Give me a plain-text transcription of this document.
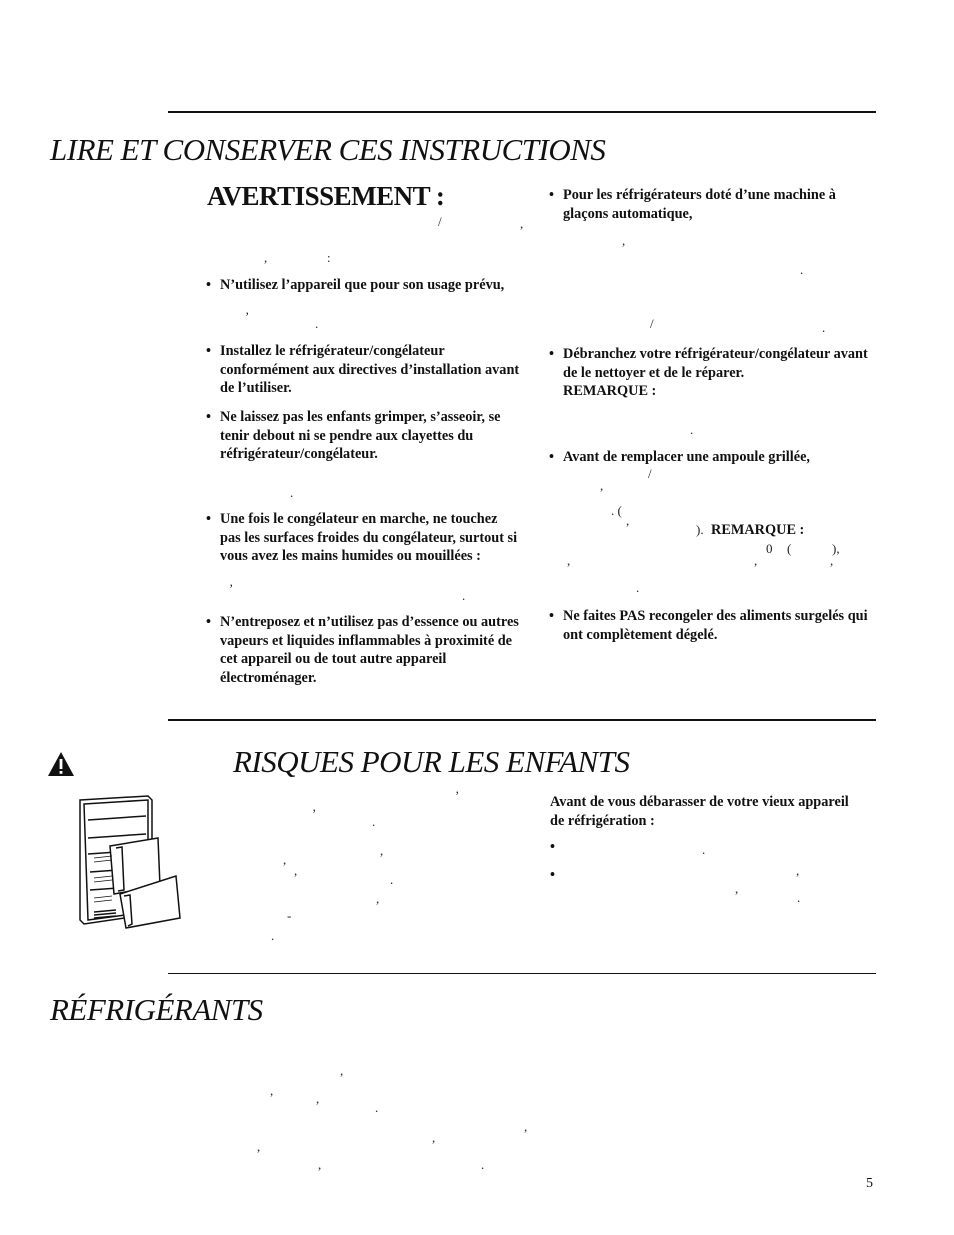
LIRE ET CONSERVER CES INSTRUCTIONS
AVERTISSEMENT :
/	,
,	:
’	.
.
’	.
• N’utilisez l’appareil que pour son usage prévu,
• Installez le réfrigérateur/congélateur conformément aux directives d’installation avant de l’utiliser.
• Ne laissez pas les enfants grimper, s’asseoir, se tenir debout ni se pendre aux clayettes du réfrigérateur/congélateur.
• Une fois le congélateur en marche, ne touchez pas les surfaces froides du congélateur, surtout si vous avez les mains humides ou mouillées :
• N’entreposez et n’utilisez pas d’essence ou autres vapeurs et liquides inflammables à proximité de cet appareil ou de tout autre appareil électroménager.
• Pour les réfrigérateurs doté d’une machine à glaçons automatique,
,
.
/	.
• Débranchez votre réfrigérateur/congélateur avant de le nettoyer et de le réparer.
REMARQUE :
.
• Avant de remplacer une ampoule grillée,
,
/
. (
,
). REMARQUE :
0 (	),
,	,	,
.
• Ne faites PAS recongeler des aliments surgelés qui ont complètement dégelé.
RISQUES POUR LES ENFANTS
’
’
.
,
,
,
.
,
-
.
Avant de vous débarasser de votre vieux appareil de réfrigération :
•
•
.
,
,
.
RÉFRIGÉRANTS
,
,
,
.
,
,
,
,	.
5
